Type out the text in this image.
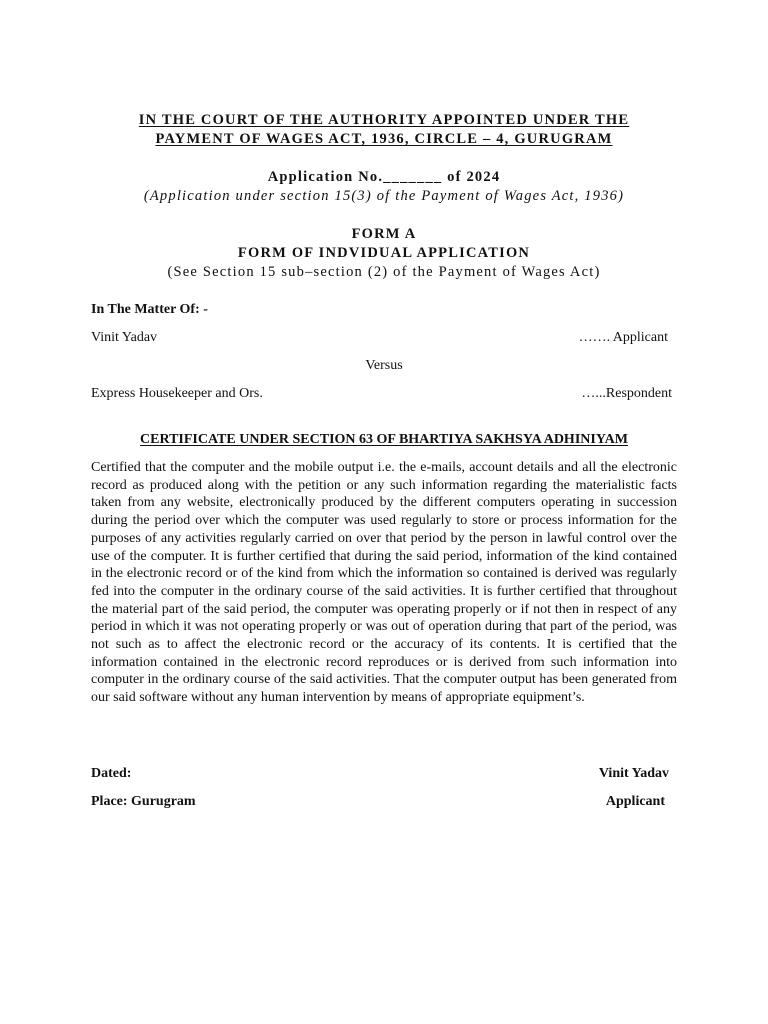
IN THE COURT OF THE AUTHORITY APPOINTED UNDER THE
PAYMENT OF WAGES ACT, 1936, CIRCLE – 4, GURUGRAM
Application No._______ of 2024
(Application under section 15(3) of the Payment of Wages Act, 1936)
FORM A
FORM OF INDVIDUAL APPLICATION
(See Section 15 sub–section (2) of the Payment of Wages Act)
In The Matter Of: -
Vinit Yadav	……. Applicant
Versus
Express Housekeeper and Ors.	…...Respondent
CERTIFICATE UNDER SECTION 63 OF BHARTIYA SAKHSYA ADHINIYAM
Certified that the computer and the mobile output i.e. the e-mails, account details and all the electronic record as produced along with the petition or any such information regarding the materialistic facts taken from any website, electronically produced by the different computers operating in succession during the period over which the computer was used regularly to store or process information for the purposes of any activities regularly carried on over that period by the person in lawful control over the use of the computer. It is further certified that during the said period, information of the kind contained in the electronic record or of the kind from which the information so contained is derived was regularly fed into the computer in the ordinary course of the said activities. It is further certified that throughout the material part of the said period, the computer was operating properly or if not then in respect of any period in which it was not operating properly or was out of operation during that part of the period, was not such as to affect the electronic record or the accuracy of its contents. It is certified that the information contained in the electronic record reproduces or is derived from such information into computer in the ordinary course of the said activities. That the computer output has been generated from our said software without any human intervention by means of appropriate equipment’s.
Dated:	Vinit Yadav
Place: Gurugram	Applicant
